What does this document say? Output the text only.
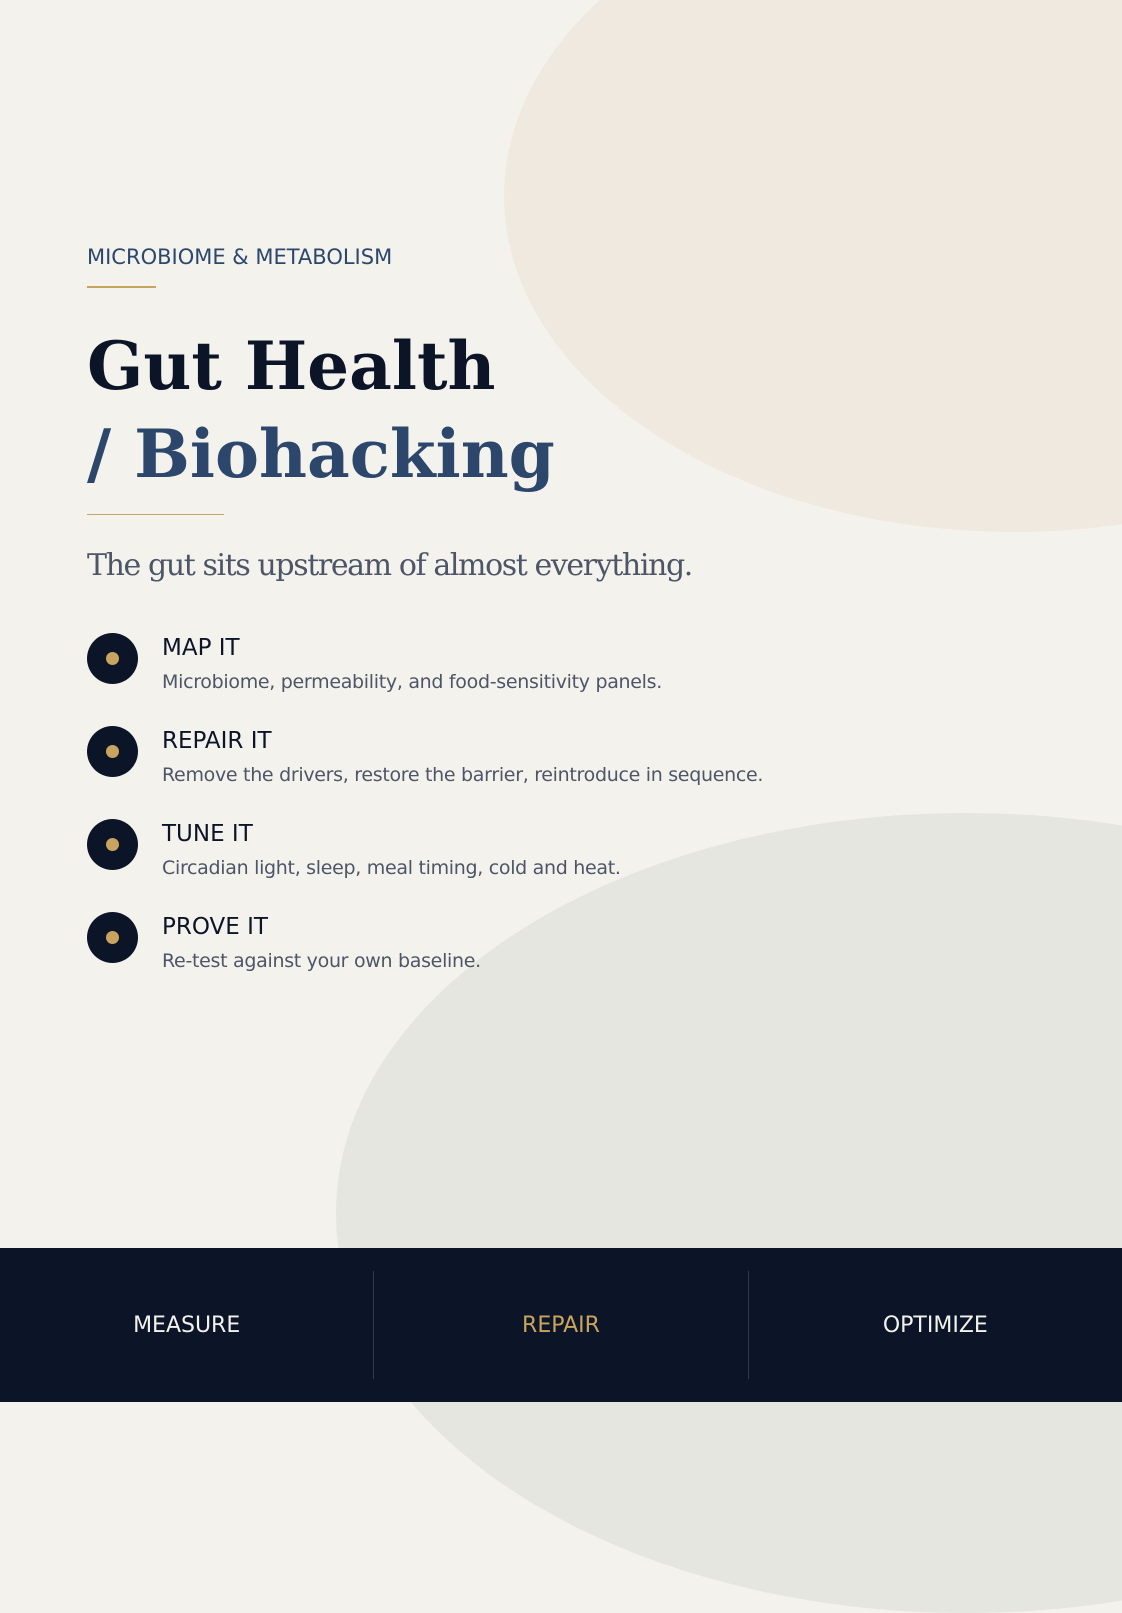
MICROBIOME & METABOLISM
Gut Health
/ Biohacking
The gut sits upstream of almost everything.
MAP IT
Microbiome, permeability, and food-sensitivity panels.
REPAIR IT
Remove the drivers, restore the barrier, reintroduce in sequence.
TUNE IT
Circadian light, sleep, meal timing, cold and heat.
PROVE IT
Re-test against your own baseline.
MEASURE	REPAIR	OPTIMIZE
